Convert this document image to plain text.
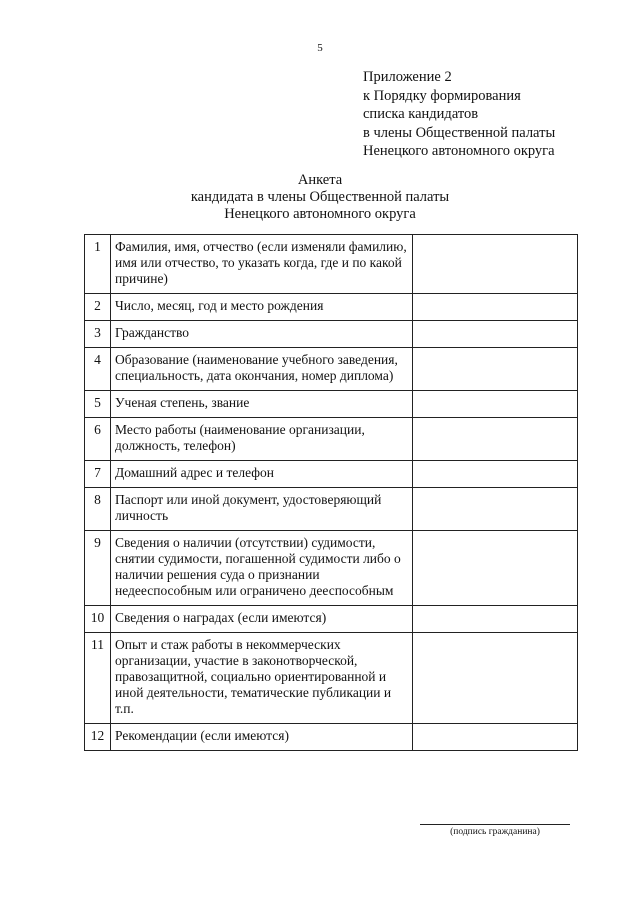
5
Приложение 2
к Порядку формирования
списка кандидатов
в члены Общественной палаты
Ненецкого автономного округа
Анкета
кандидата в члены Общественной палаты
Ненецкого автономного округа
1	Фамилия, имя, отчество (если изменяли фамилию, имя или отчество, то указать когда, где и по какой причине)	
2	Число, месяц, год и место рождения	
3	Гражданство	
4	Образование (наименование учебного заведения, специальность, дата окончания, номер диплома)	
5	Ученая степень, звание	
6	Место работы (наименование организации, должность, телефон)	
7	Домашний адрес и телефон	
8	Паспорт или иной документ, удостоверяющий личность	
9	Сведения о наличии (отсутствии) судимости, снятии судимости, погашенной судимости либо о наличии решения суда о признании недееспособным или ограничено дееспособным	
10	Сведения о наградах (если имеются)	
11	Опыт и стаж работы в некоммерческих организации, участие в законотворческой, правозащитной, социально ориентированной и иной деятельности, тематические публикации и т.п.	
12	Рекомендации (если имеются)	
(подпись гражданина)
